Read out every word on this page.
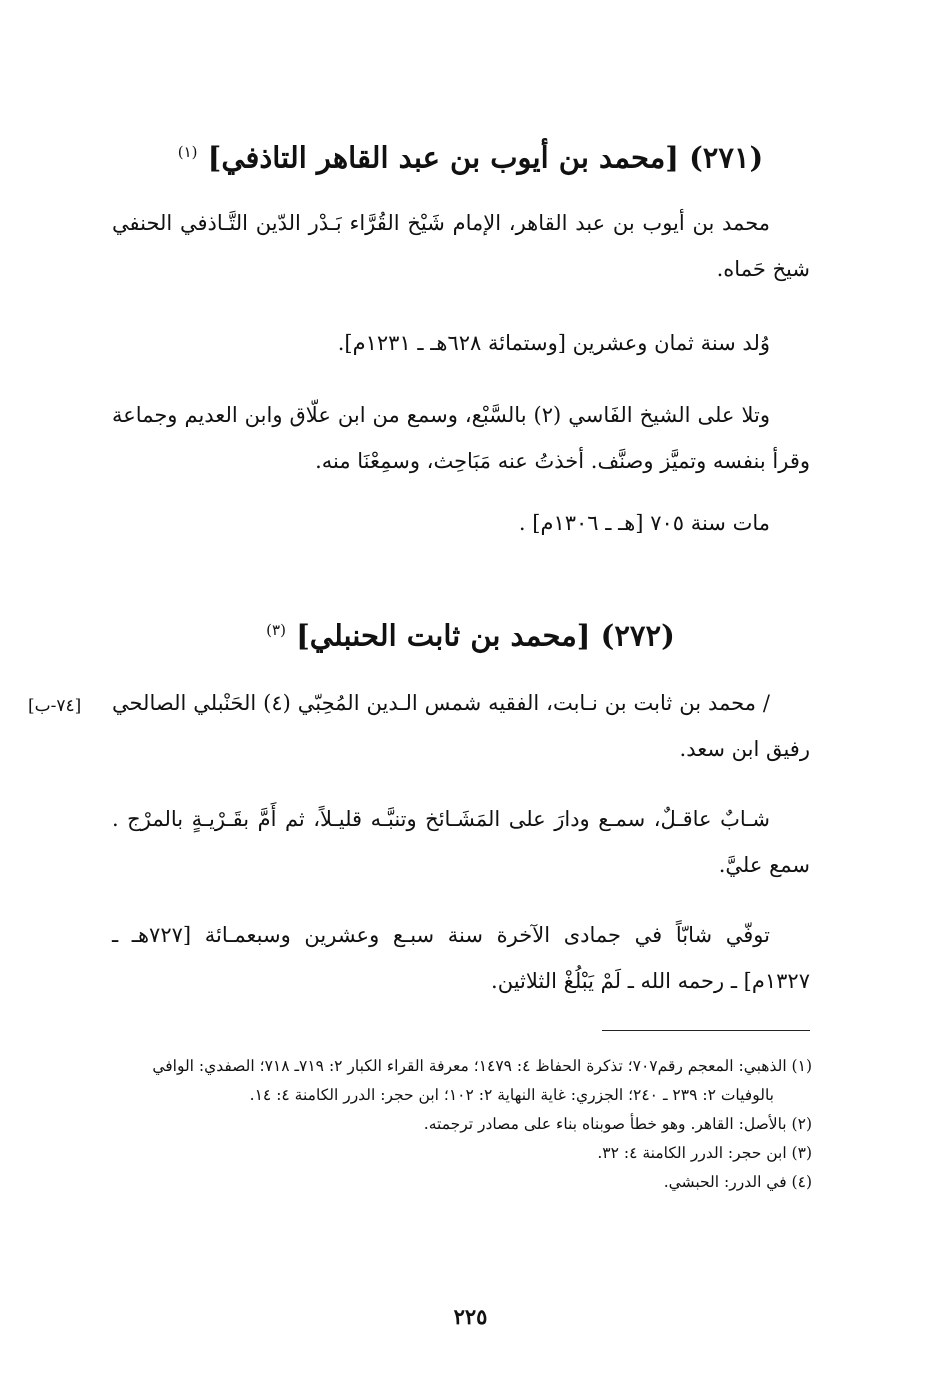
(٢٧١) [محمد بن أيوب بن عبد القاهر التاذفي] $^{(١)}$
محمد بن أيوب بن عبد القاهر، الإمام شَيْخ القُرَّاء بَـدْر الدّين التَّـاذفي الحنفي شيخ حَماه.
وُلد سنة ثمان وعشرين [وستمائة ٦٢٨هـ ـ ١٢٣١م].
وتلا على الشيخ الفَاسي (٢) بالسَّبْع، وسمع من ابن علّاق وابن العديم وجماعة وقرأ بنفسه وتميَّز وصنَّف. أخذتُ عنه مَبَاحِث، وسمِعْنَا منه.
مات سنة ٧٠٥ [هـ ـ ١٣٠٦م] .
(٢٧٢) [محمد بن ثابت الحنبلي] $^{(٣)}$
[٧٤-ب]	/ محمد بن ثابت بن نـابت، الفقيه شمس الـدين المُحِبّي (٤) الحَنْبلي الصالحي رفيق ابن سعد.
شـابٌ عاقـلٌ، سمـع ودارَ على المَشَـائخ وتنبَّـه قليـلاً، ثم أَمَّ بقَـرْيـةٍ بالمرْج . سمع عليَّ.
توفّي شابّاً في جمادى الآخرة سنة سبـع وعشرين وسبعمـائة [٧٢٧هـ ـ ١٣٢٧م] ـ رحمه الله ـ لَمْ يَبْلُغْ الثلاثين.
(١) الذهبي: المعجم رقم٧٠٧؛ تذكرة الحفاظ ٤: ١٤٧٩؛ معرفة القراء الكبار ٢: ٧١٩ـ ٧١٨؛ الصفدي: الوافي بالوفيات ٢: ٢٣٩ ـ ٢٤٠؛ الجزري: غاية النهاية ٢: ١٠٢؛ ابن حجر: الدرر الكامنة ٤: ١٤.
(٢) بالأصل: القاهر. وهو خطأ صوبناه بناء على مصادر ترجمته.
(٣) ابن حجر: الدرر الكامنة ٤: ٣٢.
(٤) في الدرر: الحبشي.
٢٢٥
